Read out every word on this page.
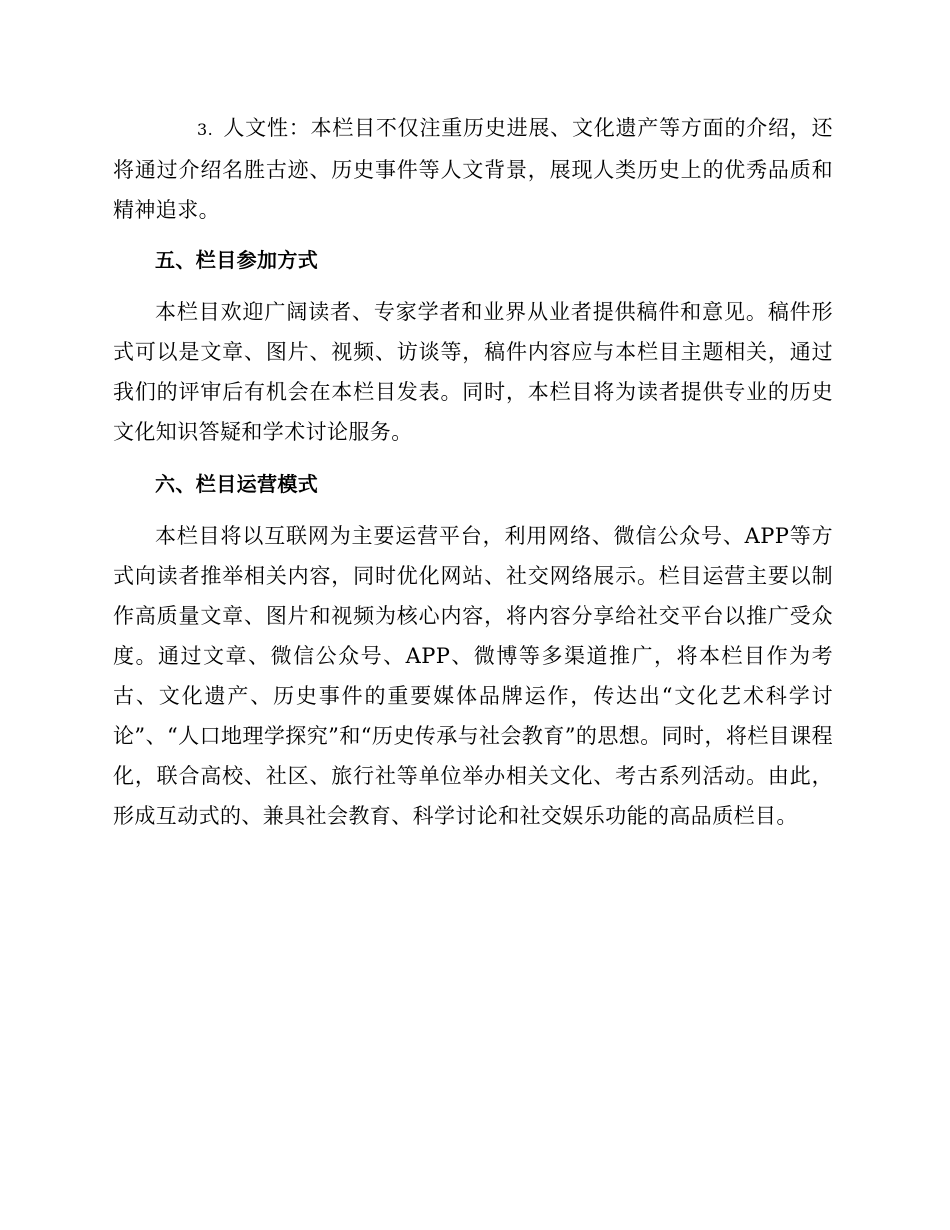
3. 人文性：本栏目不仅注重历史进展、文化遗产等方面的介绍，还将通过介绍名胜古迹、历史事件等人文背景，展现人类历史上的优秀品质和精神追求。

五、栏目参加方式

本栏目欢迎广阔读者、专家学者和业界从业者提供稿件和意见。稿件形式可以是文章、图片、视频、访谈等，稿件内容应与本栏目主题相关，通过我们的评审后有机会在本栏目发表。同时，本栏目将为读者提供专业的历史文化知识答疑和学术讨论服务。

六、栏目运营模式

本栏目将以互联网为主要运营平台，利用网络、微信公众号、APP等方式向读者推举相关内容，同时优化网站、社交网络展示。栏目运营主要以制作高质量文章、图片和视频为核心内容，将内容分享给社交平台以推广受众度。通过文章、微信公众号、APP、微博等多渠道推广，将本栏目作为考古、文化遗产、历史事件的重要媒体品牌运作，传达出“文化艺术科学讨论”、“人口地理学探究”和“历史传承与社会教育”的思想。同时，将栏目课程化，联合高校、社区、旅行社等单位举办相关文化、考古系列活动。由此，形成互动式的、兼具社会教育、科学讨论和社交娱乐功能的高品质栏目。
